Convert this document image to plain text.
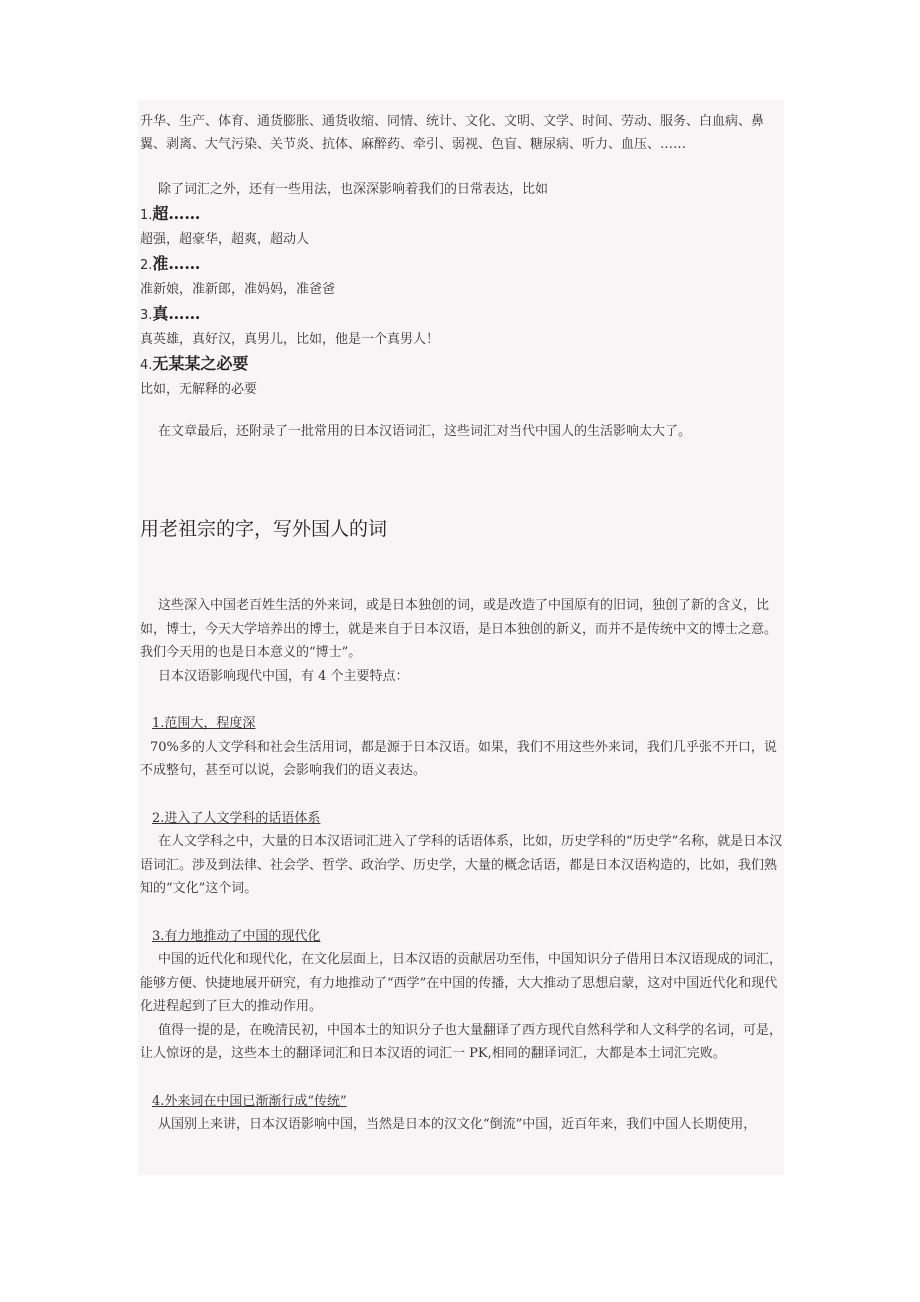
升华、生产、体育、通货膨胀、通货收缩、同情、统计、文化、文明、文学、时间、劳动、服务、白血病、鼻翼、剥离、大气污染、关节炎、抗体、麻醉药、牵引、弱视、色盲、糖尿病、听力、血压、……

除了词汇之外，还有一些用法，也深深影响着我们的日常表达，比如

1.超……
超强，超豪华，超爽，超动人
2.准……
准新娘，准新郎，准妈妈，准爸爸
3.真……
真英雄，真好汉，真男儿，比如，他是一个真男人！
4.无某某之必要
比如，无解释的必要

在文章最后，还附录了一批常用的日本汉语词汇，这些词汇对当代中国人的生活影响太大了。

用老祖宗的字，写外国人的词

这些深入中国老百姓生活的外来词，或是日本独创的词，或是改造了中国原有的旧词，独创了新的含义，比如，博士，今天大学培养出的博士，就是来自于日本汉语，是日本独创的新义，而并不是传统中文的博士之意。我们今天用的也是日本意义的“博士”。

日本汉语影响现代中国，有 4 个主要特点：

1.范围大，程度深

70%多的人文学科和社会生活用词，都是源于日本汉语。如果，我们不用这些外来词，我们几乎张不开口，说不成整句，甚至可以说，会影响我们的语义表达。

2.进入了人文学科的话语体系

在人文学科之中，大量的日本汉语词汇进入了学科的话语体系，比如，历史学科的“历史学”名称，就是日本汉语词汇。涉及到法律、社会学、哲学、政治学、历史学，大量的概念话语，都是日本汉语构造的，比如，我们熟知的“文化”这个词。

3.有力地推动了中国的现代化

中国的近代化和现代化，在文化层面上，日本汉语的贡献居功至伟，中国知识分子借用日本汉语现成的词汇，能够方便、快捷地展开研究，有力地推动了“西学”在中国的传播，大大推动了思想启蒙，这对中国近代化和现代化进程起到了巨大的推动作用。

值得一提的是，在晚清民初，中国本土的知识分子也大量翻译了西方现代自然科学和人文科学的名词，可是，让人惊讶的是，这些本土的翻译词汇和日本汉语的词汇一 PK,相同的翻译词汇，大都是本土词汇完败。

4.外来词在中国已渐渐行成“传统”

从国别上来讲，日本汉语影响中国，当然是日本的汉文化“倒流”中国，近百年来，我们中国人长期使用，
